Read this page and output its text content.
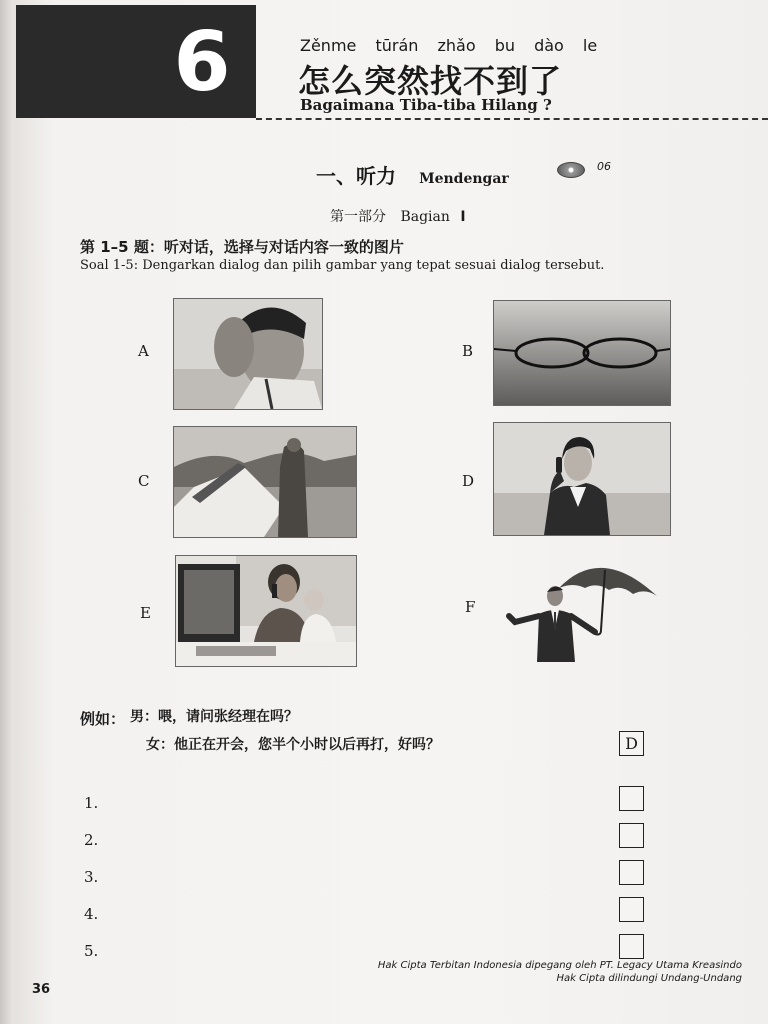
6	Zěnme tūrán zhǎo bu dào le
怎么突然找不到了
Bagaimana Tiba-tiba Hilang ?
一、听力 Mendengar
06
第一部分 Bagian I
第 1–5 题：听对话，选择与对话内容一致的图片
Soal 1-5: Dengarkan dialog dan pilih gambar yang tepat sesuai dialog tersebut.
A	B
C	D
E	F
例如： 男：喂，请问张经理在吗？
女：他正在开会，您半个小时以后再打，好吗？	D
1.
2.
3.
4.
5.
Hak Cipta Terbitan Indonesia dipegang oleh PT. Legacy Utama Kreasindo
Hak Cipta dilindungi Undang-Undang
36
